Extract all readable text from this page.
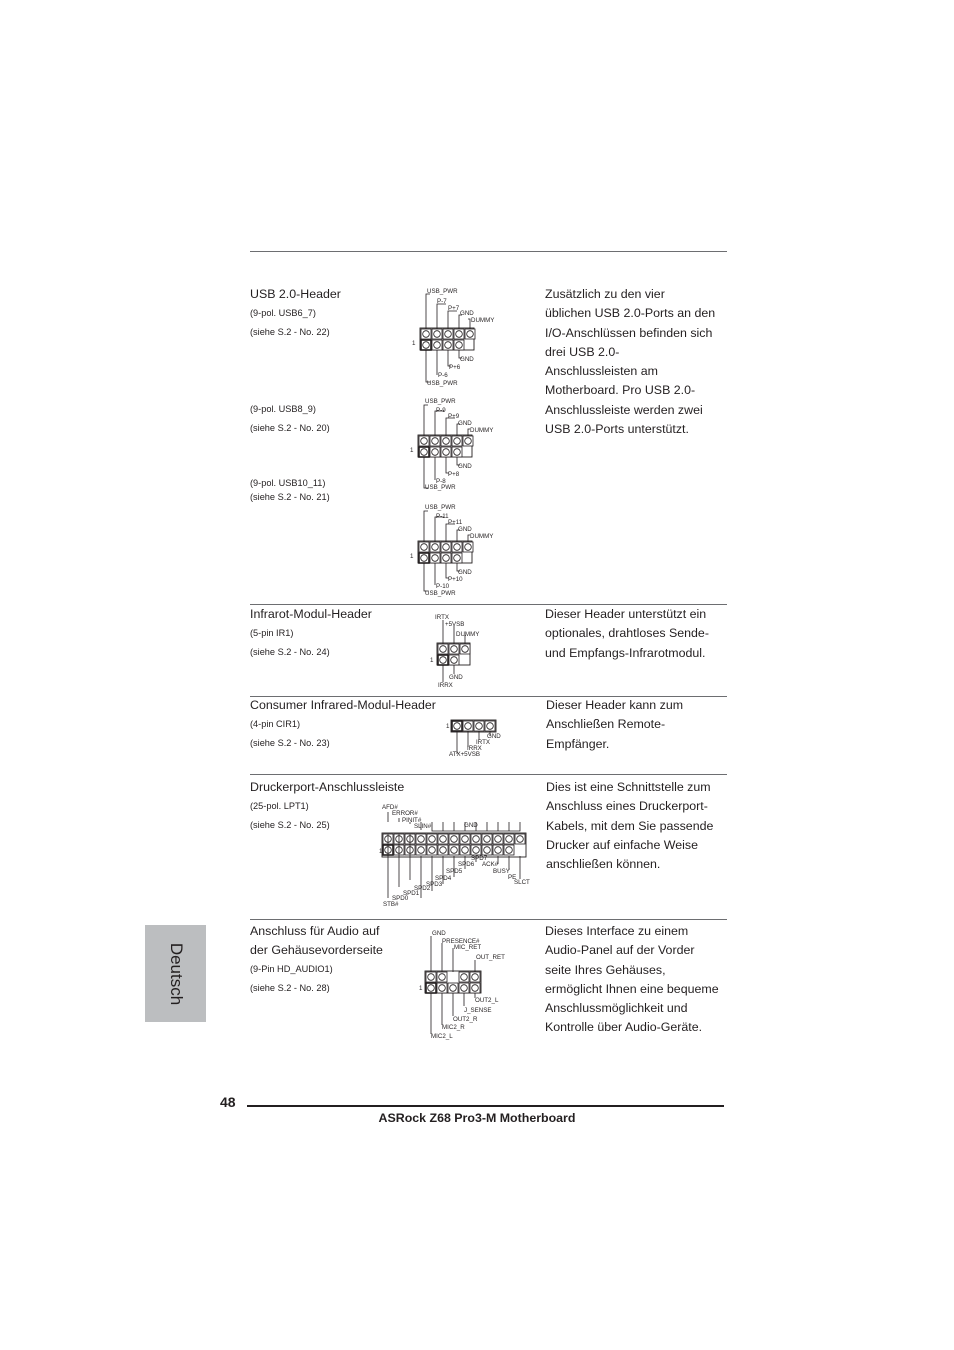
USB 2.0-Header
(9-pol. USB6_7)
(siehe S.2 - No. 22)
(9-pol. USB8_9)
(siehe S.2 - No. 20)
(9-pol. USB10_11)
(siehe S.2 - No. 21)
Zusätzlich zu den vier
üblichen USB 2.0-Ports an den
I/O-Anschlüssen befinden sich
drei USB 2.0-
Anschlussleisten am
Motherboard. Pro USB 2.0-
Anschlussleiste werden zwei
USB 2.0-Ports unterstützt.
1
USB_PWR
P-7
P+7
GND
DUMMY
GND
P+6
P-6
USB_PWR
1
USB_PWR
P-9
P+9
GND
DUMMY
GND
P+8
P-8
USB_PWR
1
USB_PWR
P-11
P+11
GND
DUMMY
GND
P+10
P-10
USB_PWR
Infrarot-Modul-Header
(5-pin IR1)
(siehe S.2 - No. 24)
Dieser Header unterstützt ein
optionales, drahtloses Sende-
und Empfangs-Infrarotmodul.
1
IRTX
+5VSB
DUMMY
GND
IRRX
Consumer Infrared-Modul-Header
(4-pin CIR1)
(siehe S.2 - No. 23)
Dieser Header kann zum
Anschließen Remote-
Empfänger.
1
GND
IRTX
IRRX
ATX+5VSB
Druckerport-Anschlussleiste
(25-pol. LPT1)
(siehe S.2 - No. 25)
Dies ist eine Schnittstelle zum
Anschluss eines Druckerport-
Kabels, mit dem Sie passende
Drucker auf einfache Weise
anschließen können.
1
AFD#
ERROR#
PINIT#
SLIN#	GND
SPD7
ACK#
BUSY
PE
SLCT
SPD6
SPD5
SPD4
SPD3
SPD2
SPD1
SPD0
STB#
Anschluss für Audio auf
der Gehäusevorderseite
(9-Pin HD_AUDIO1)
(siehe S.2 - No. 28)
Dieses Interface zu einem
Audio-Panel auf der Vorder
seite Ihres Gehäuses,
ermöglicht Ihnen eine bequeme
Anschlussmöglichkeit und
Kontrolle über Audio-Geräte.
1
GND
PRESENCE#
MIC_RET
OUT_RET
OUT2_L
J_SENSE
OUT2_R
MIC2_R
MIC2_L
Deutsch
48
ASRock Z68 Pro3-M Motherboard
